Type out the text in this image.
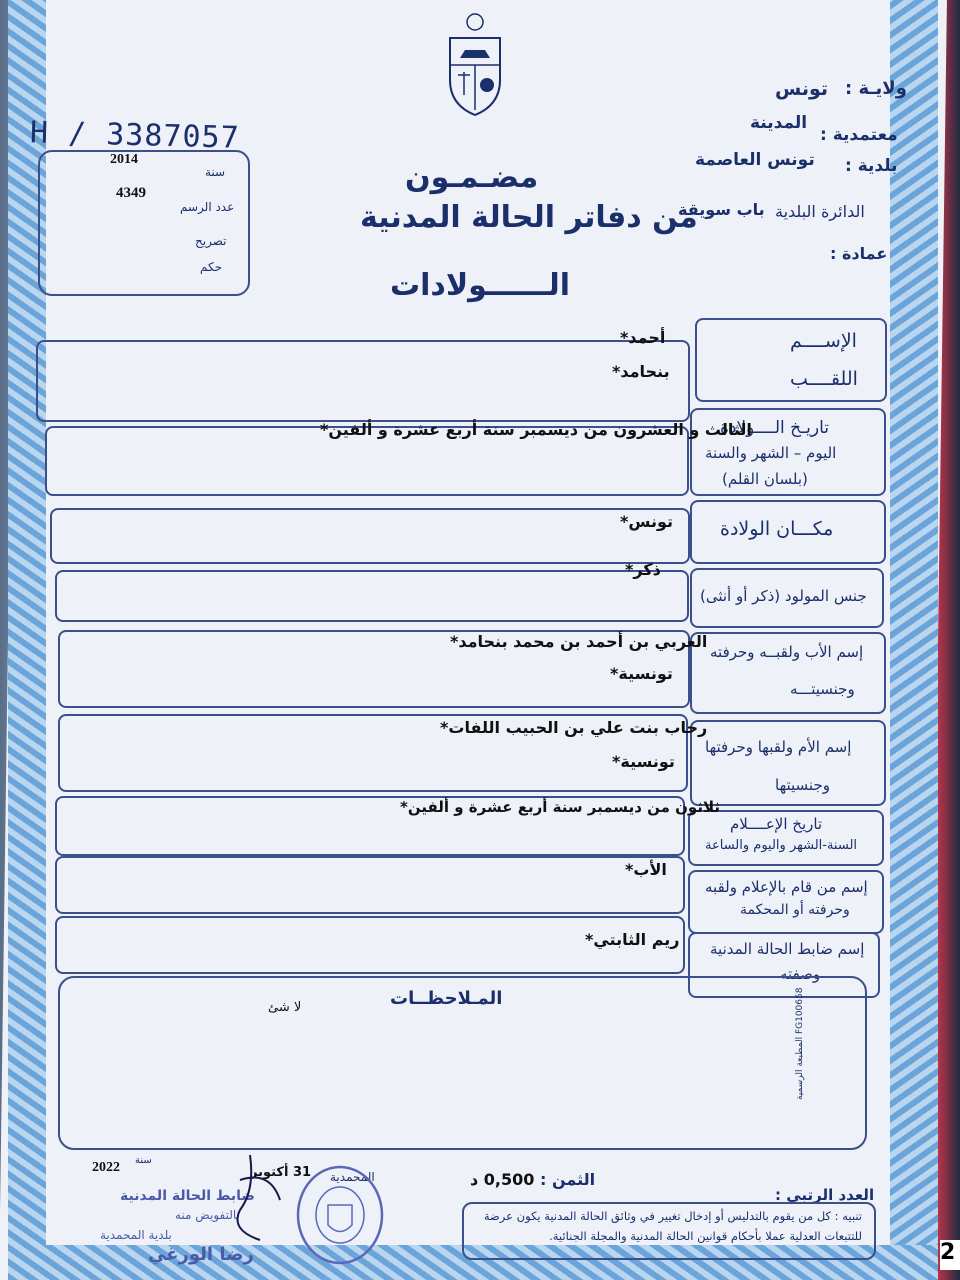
ولايـة :
تونس
معتمدية :
المدينة
بلدية :
تونس العاصمة
الدائرة البلدية
باب سويقة
عمادة :
H / 3387057
2014
سنة
4349
عدد الرسم
تصريح
حكم
مضـمـون
من دفاتر الحالة المدنية
الــــــولادات
الإســــم
اللقــــب
أحمد*
بنحامد*
تاريـخ الــــولادة
اليوم – الشهر والسنة
(بلسان القلم)
الثالث و العشرون من ديسمبر سنة أربع عشرة و ألفين*
مكـــان الولادة
تونس*
جنس المولود (ذكر أو أنثى)
ذكر*
إسم الأب ولقبــه وحرفته
وجنسيتـــه
العربي بن أحمد بن محمد بنحامد*
تونسية*
إسم الأم ولقبها وحرفتها
وجنسيتها
رحاب بنت علي بن الحبيب اللفات*
تونسية*
تاريخ الإعــــلام
السنة-الشهر واليوم والساعة
ثلاثون من ديسمبر سنة أربع عشرة و ألفين*
إسم من قام بالإعلام ولقبه
وحرفته أو المحكمة
الأب*
إسم ضابط الحالة المدنية
وصفته
ريم الثابتي*
المـلاحظــات
لا شئ
سنة
2022	31 أكتوبر المحمدية	الثمن :
0,500 د
العدد الرتبي :
ضابط الحالة المدنية
بالتفويض منه
بلدية المحمدية
رضا الورغي
تنبيه : كل من يقوم بالتدليس أو إدخال تغيير في وثائق الحالة المدنية يكون عرضة للتتبعات العدلية عملا بأحكام قوانين الحالة المدنية والمجلة الجنائية.
2
